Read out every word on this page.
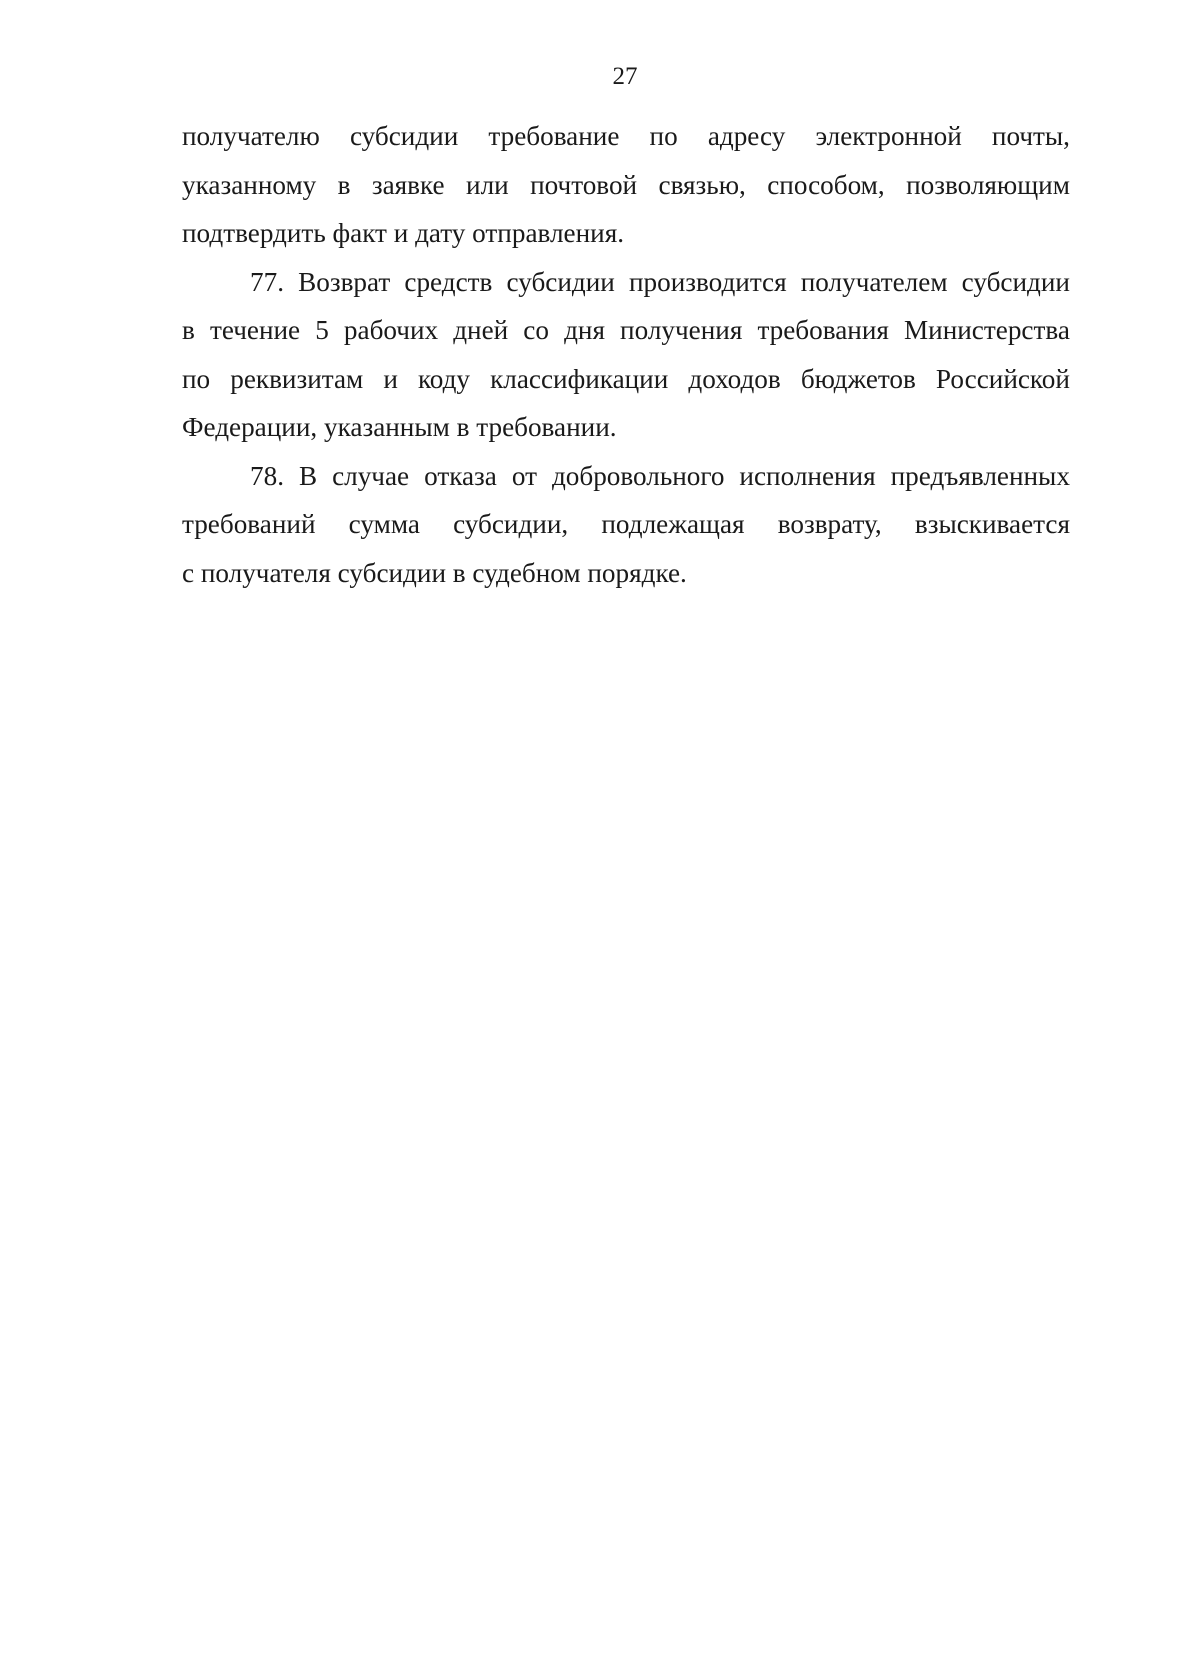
27
получателю субсидии требование по адресу электронной почты,
указанному в заявке или почтовой связью, способом, позволяющим
подтвердить факт и дату отправления.
77. Возврат средств субсидии производится получателем субсидии
в течение 5 рабочих дней со дня получения требования Министерства
по реквизитам и коду классификации доходов бюджетов Российской
Федерации, указанным в требовании.
78. В случае отказа от добровольного исполнения предъявленных
требований сумма субсидии, подлежащая возврату, взыскивается
с получателя субсидии в судебном порядке.
